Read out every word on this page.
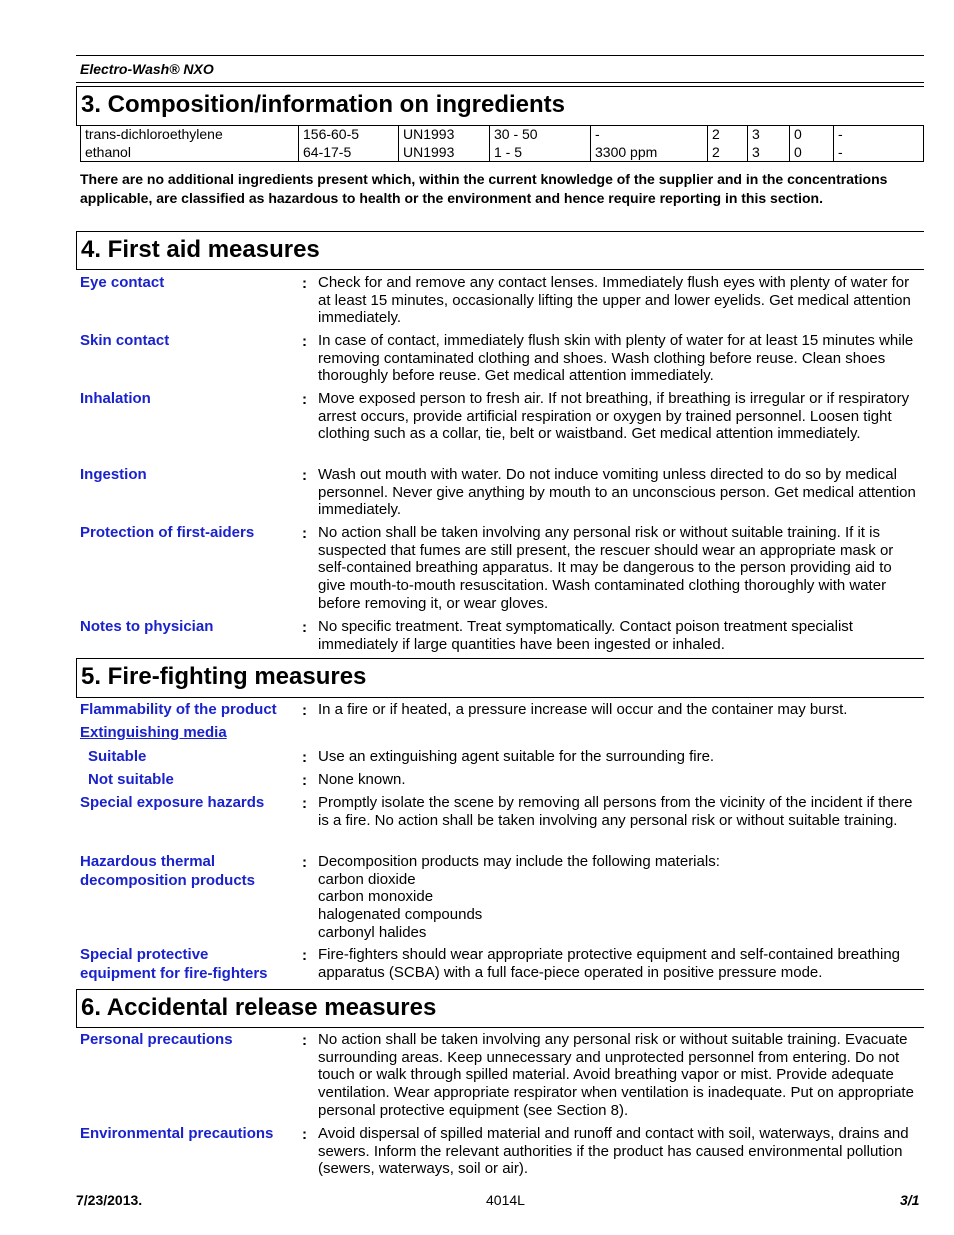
Electro-Wash® NXO
3. Composition/information on ingredients
trans-dichloroethylene	156-60-5	UN1993	30 - 50	-	2	3	0	-
ethanol	64-17-5	UN1993	1 - 5	3300 ppm	2	3	0	-
There are no additional ingredients present which, within the current knowledge of the supplier and in the concentrations applicable, are classified as hazardous to health or the environment and hence require reporting in this section.
4. First aid measures
Eye contact	: Check for and remove any contact lenses. Immediately flush eyes with plenty of water for at least 15 minutes, occasionally lifting the upper and lower eyelids. Get medical attention immediately.
Skin contact	: In case of contact, immediately flush skin with plenty of water for at least 15 minutes while removing contaminated clothing and shoes. Wash clothing before reuse. Clean shoes thoroughly before reuse. Get medical attention immediately.
Inhalation	: Move exposed person to fresh air. If not breathing, if breathing is irregular or if respiratory arrest occurs, provide artificial respiration or oxygen by trained personnel. Loosen tight clothing such as a collar, tie, belt or waistband. Get medical attention immediately.
Ingestion	: Wash out mouth with water. Do not induce vomiting unless directed to do so by medical personnel. Never give anything by mouth to an unconscious person. Get medical attention immediately.
Protection of first-aiders	: No action shall be taken involving any personal risk or without suitable training. If it is suspected that fumes are still present, the rescuer should wear an appropriate mask or self-contained breathing apparatus. It may be dangerous to the person providing aid to give mouth-to-mouth resuscitation. Wash contaminated clothing thoroughly with water before removing it, or wear gloves.
Notes to physician	: No specific treatment. Treat symptomatically. Contact poison treatment specialist immediately if large quantities have been ingested or inhaled.
5. Fire-fighting measures
Flammability of the product	: In a fire or if heated, a pressure increase will occur and the container may burst.
Extinguishing media
Suitable	: Use an extinguishing agent suitable for the surrounding fire.
Not suitable	: None known.
Special exposure hazards	: Promptly isolate the scene by removing all persons from the vicinity of the incident if there is a fire. No action shall be taken involving any personal risk or without suitable training.
Hazardous thermal
decomposition products
: Decomposition products may include the following materials:
carbon dioxide
carbon monoxide
halogenated compounds
carbonyl halides
Special protective
equipment for fire-fighters
: Fire-fighters should wear appropriate protective equipment and self-contained breathing apparatus (SCBA) with a full face-piece operated in positive pressure mode.
6. Accidental release measures
Personal precautions	: No action shall be taken involving any personal risk or without suitable training. Evacuate surrounding areas. Keep unnecessary and unprotected personnel from entering. Do not touch or walk through spilled material. Avoid breathing vapor or mist. Provide adequate ventilation. Wear appropriate respirator when ventilation is inadequate. Put on appropriate personal protective equipment (see Section 8).
Environmental precautions	: Avoid dispersal of spilled material and runoff and contact with soil, waterways, drains and sewers. Inform the relevant authorities if the product has caused environmental pollution (sewers, waterways, soil or air).
7/23/2013.	4014L	3/1
